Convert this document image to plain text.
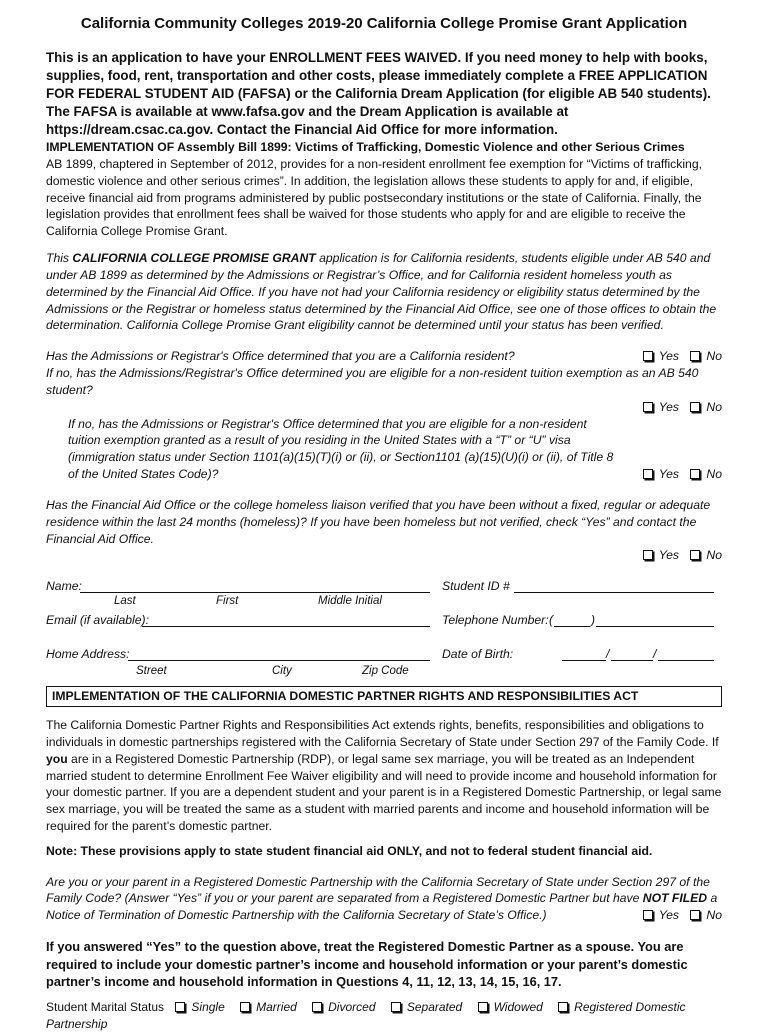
California Community Colleges 2019-20 California College Promise Grant Application

This is an application to have your ENROLLMENT FEES WAIVED. If you need money to help with books, supplies, food, rent, transportation and other costs, please immediately complete a FREE APPLICATION FOR FEDERAL STUDENT AID (FAFSA) or the California Dream Application (for eligible AB 540 students). The FAFSA is available at www.fafsa.gov and the Dream Application is available at https://dream.csac.ca.gov. Contact the Financial Aid Office for more information.

IMPLEMENTATION OF Assembly Bill 1899: Victims of Trafficking, Domestic Violence and other Serious Crimes

AB 1899, chaptered in September of 2012, provides for a non-resident enrollment fee exemption for “Victims of trafficking, domestic violence and other serious crimes”. In addition, the legislation allows these students to apply for and, if eligible, receive financial aid from programs administered by public postsecondary institutions or the state of California. Finally, the legislation provides that enrollment fees shall be waived for those students who apply for and are eligible to receive the California College Promise Grant.

This CALIFORNIA COLLEGE PROMISE GRANT application is for California residents, students eligible under AB 540 and under AB 1899 as determined by the Admissions or Registrar’s Office, and for California resident homeless youth as determined by the Financial Aid Office. If you have not had your California residency or eligibility status determined by the Admissions or the Registrar or homeless status determined by the Financial Aid Office, see one of those offices to obtain the determination. California College Promise Grant eligibility cannot be determined until your status has been verified.

Has the Admissions or Registrar's Office determined that you are a California resident?	Yes No

If no, has the Admissions/Registrar's Office determined you are eligible for a non-resident tuition exemption as an AB 540 student?

Yes No
If no, has the Admissions or Registrar's Office determined that you are eligible for a non-resident tuition exemption granted as a result of you residing in the United States with a “T” or “U” visa (immigration status under Section 1101(a)(15)(T)(i) or (ii), or Section1101 (a)(15)(U)(i) or (ii), of Title 8 of the United States Code)?	Yes No

Has the Financial Aid Office or the college homeless liaison verified that you have been without a fixed, regular or adequate residence within the last 24 months (homeless)? If you have been homeless but not verified, check “Yes” and contact the Financial Aid Office.

Yes No
Name:
Last	First	Middle Initial
Student ID #
Email (if available):	Telephone Number: (	)
Home Address:
Street	City	Zip Code
Date of Birth:	/	/
IMPLEMENTATION OF THE CALIFORNIA DOMESTIC PARTNER RIGHTS AND RESPONSIBILITIES ACT

The California Domestic Partner Rights and Responsibilities Act extends rights, benefits, responsibilities and obligations to individuals in domestic partnerships registered with the California Secretary of State under Section 297 of the Family Code. If you are in a Registered Domestic Partnership (RDP), or legal same sex marriage, you will be treated as an Independent married student to determine Enrollment Fee Waiver eligibility and will need to provide income and household information for your domestic partner. If you are a dependent student and your parent is in a Registered Domestic Partnership, or legal same sex marriage, you will be treated the same as a student with married parents and income and household information will be required for the parent’s domestic partner.

Note: These provisions apply to state student financial aid ONLY, and not to federal student financial aid.

Are you or your parent in a Registered Domestic Partnership with the California Secretary of State under Section 297 of the Family Code? (Answer “Yes” if you or your parent are separated from a Registered Domestic Partner but have NOT FILED a Notice of Termination of Domestic Partnership with the California Secretary of State’s Office.)	Yes No

If you answered “Yes” to the question above, treat the Registered Domestic Partner as a spouse. You are required to include your domestic partner’s income and household information or your parent’s domestic partner’s income and household information in Questions 4, 11, 12, 13, 14, 15, 16, 17.

Student Marital Status Single	Married	Divorced	Separated	Widowed	Registered Domestic Partnership
